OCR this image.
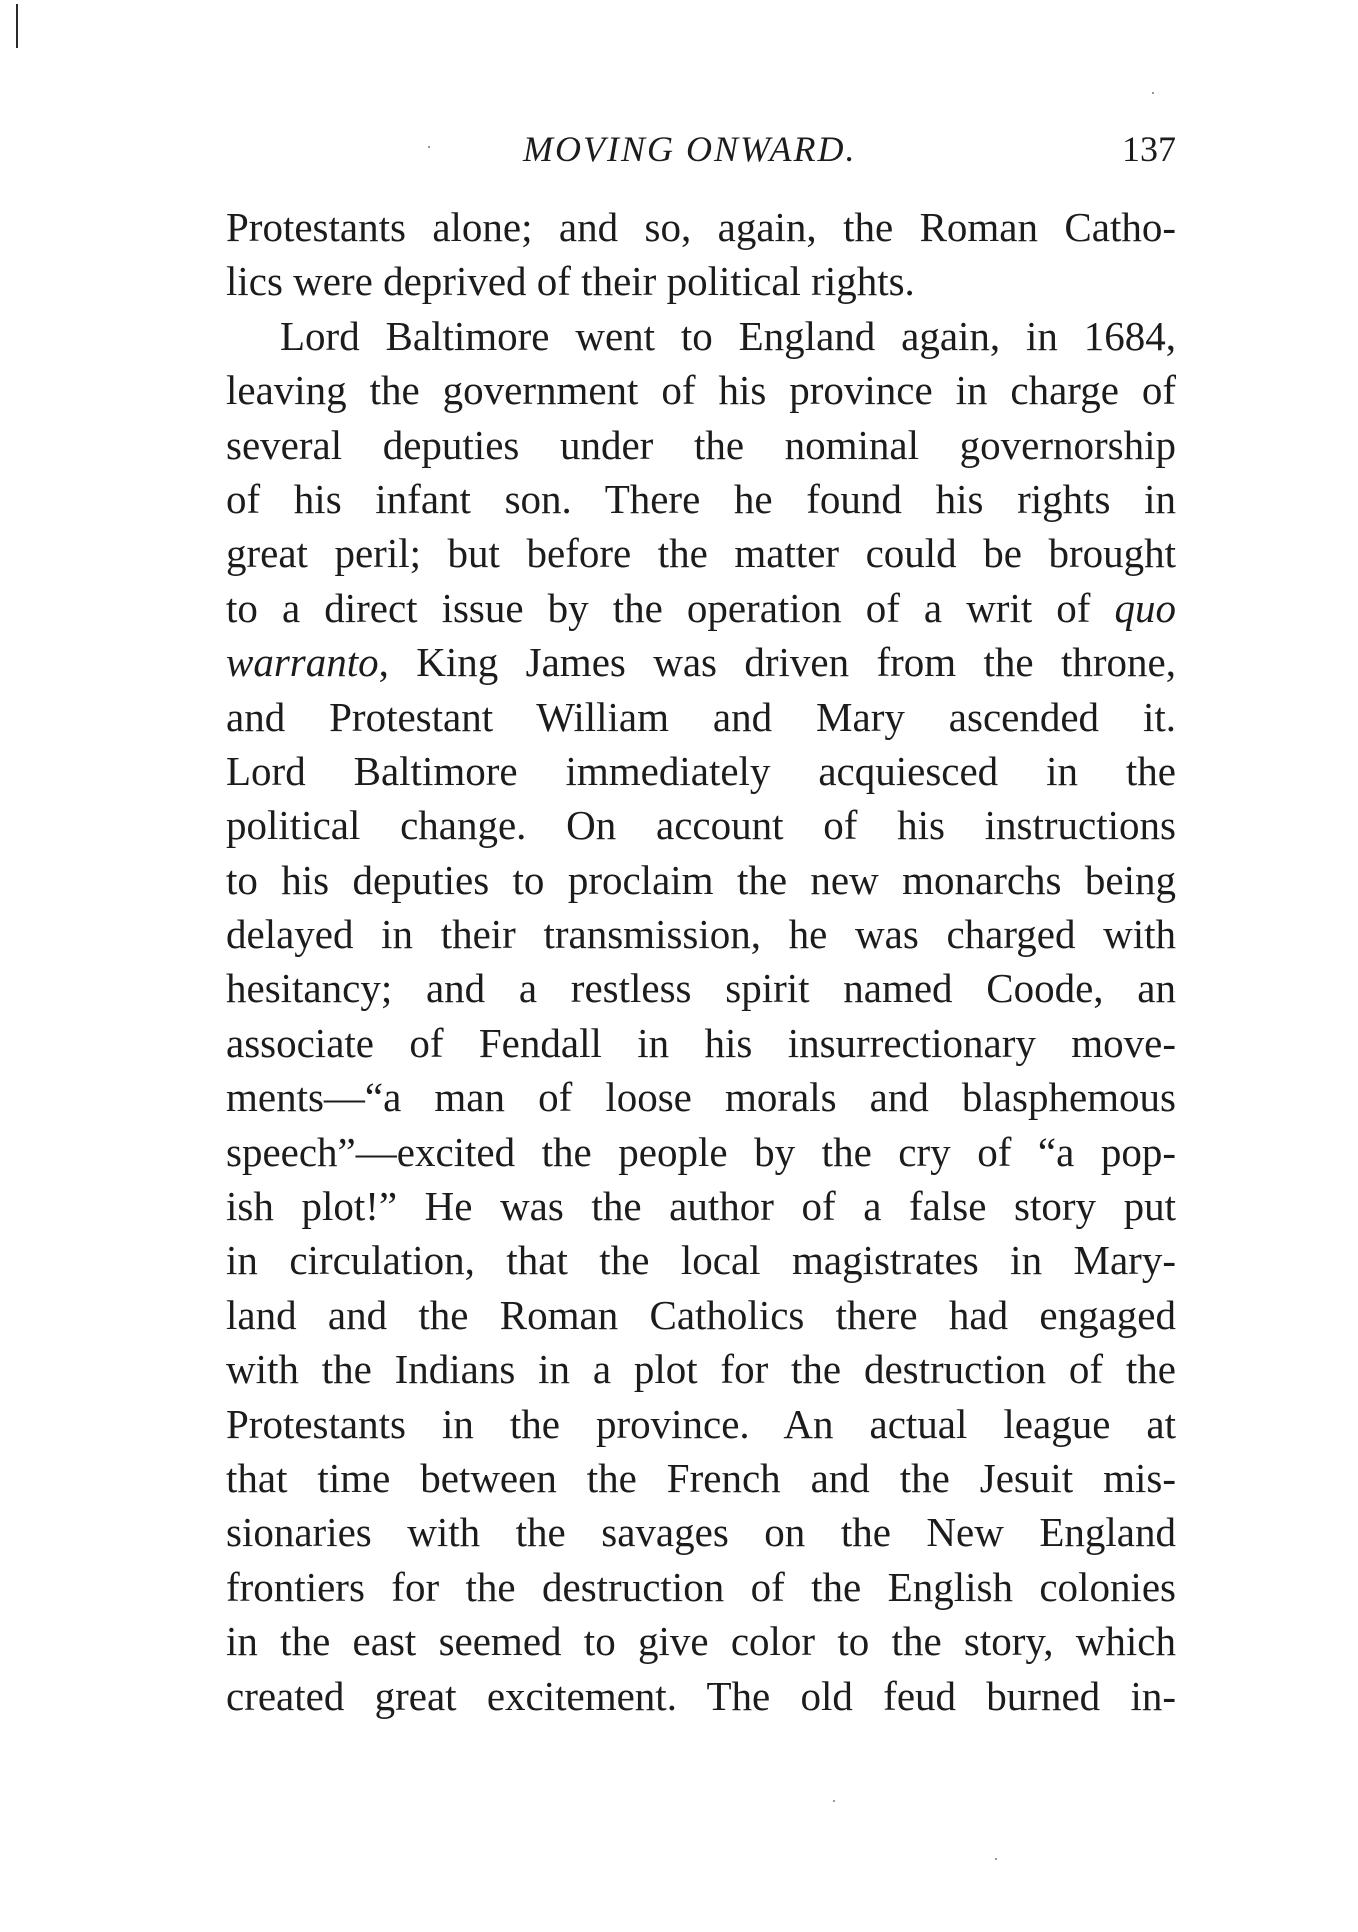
MOVING ONWARD.	137
Protestants alone; and so, again, the Roman Catho-
lics were deprived of their political rights.
Lord Baltimore went to England again, in 1684,
leaving the government of his province in charge of
several deputies under the nominal governorship
of his infant son. There he found his rights in
great peril; but before the matter could be brought
to a direct issue by the operation of a writ of quo
warranto, King James was driven from the throne,
and Protestant William and Mary ascended it.
Lord Baltimore immediately acquiesced in the
political change. On account of his instructions
to his deputies to proclaim the new monarchs being
delayed in their transmission, he was charged with
hesitancy; and a restless spirit named Coode, an
associate of Fendall in his insurrectionary move-
ments—“a man of loose morals and blasphemous
speech”—excited the people by the cry of “a pop-
ish plot!” He was the author of a false story put
in circulation, that the local magistrates in Mary-
land and the Roman Catholics there had engaged
with the Indians in a plot for the destruction of the
Protestants in the province. An actual league at
that time between the French and the Jesuit mis-
sionaries with the savages on the New England
frontiers for the destruction of the English colonies
in the east seemed to give color to the story, which
created great excitement. The old feud burned in-
